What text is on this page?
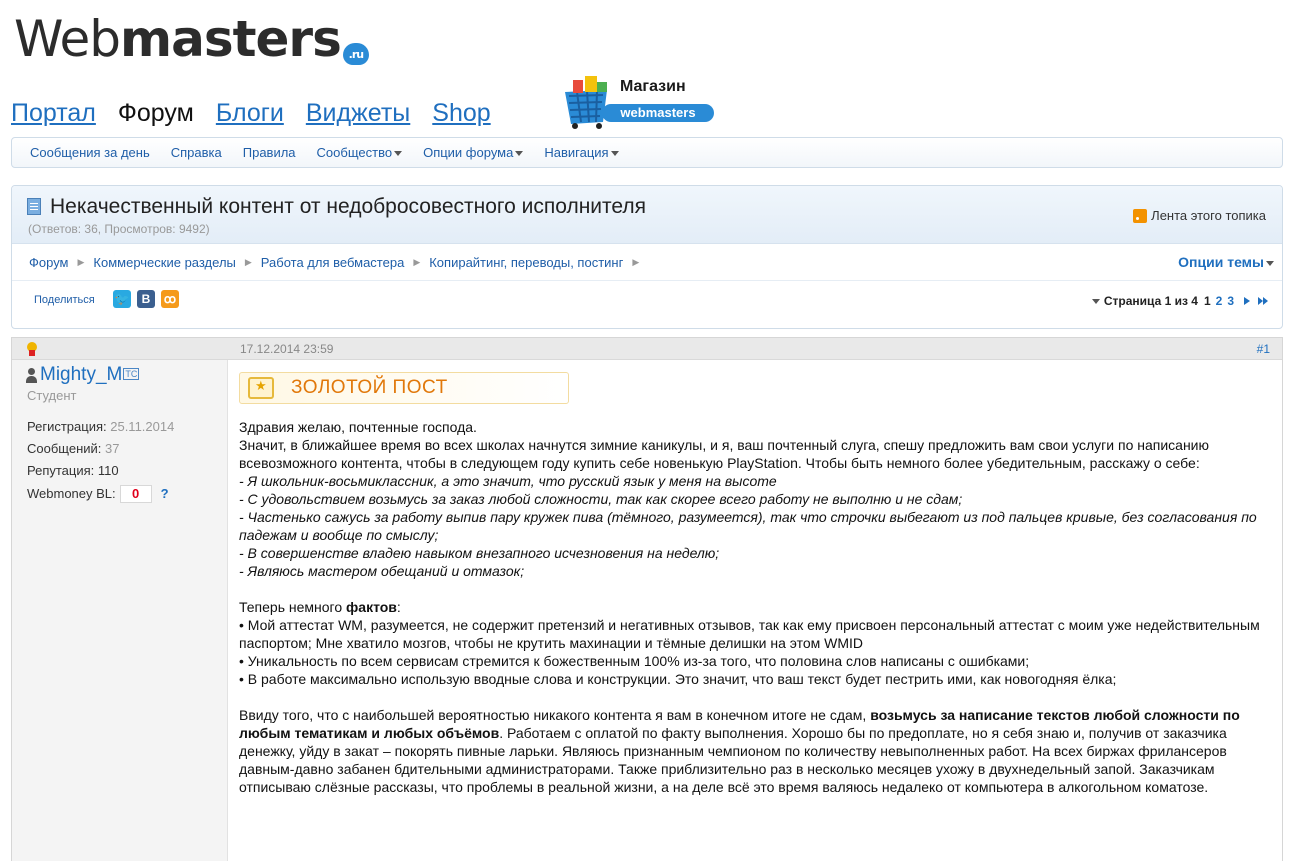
Webmasters .ru
Портал Форум Блоги Виджеты Shop
Магазин
webmasters
Сообщения за день Справка Правила Сообщество	Опции форума	Навигация
Некачественный контент от недобросовестного исполнителя
(Ответов: 36, Просмотров: 9492)
Лента этого топика
Форум ▶ Коммерческие разделы ▶ Работа для вебмастера ▶ Копирайтинг, переводы, постинг ▶	Опции темы
Поделиться 🐦	B	ꝏ	Страница 1 из 4 1 2 3
17.12.2014 23:59	#1
Mighty_M TC
Студент
Регистрация: 25.11.2014
Сообщений: 37
Репутация: 110
Webmoney BL: 0 ?
★
ЗОЛОТОЙ ПОСТ

Здравия желаю, почтенные господа.

Значит, в ближайшее время во всех школах начнутся зимние каникулы, и я, ваш почтенный слуга, спешу предложить вам свои услуги по написанию всевозможного контента, чтобы в следующем году купить себе новенькую PlayStation. Чтобы быть немного более убедительным, расскажу о себе:

- Я школьник-восьмиклассник, а это значит, что русский язык у меня на высоте

- С удовольствием возьмусь за заказ любой сложности, так как скорее всего работу не выполню и не сдам;

- Частенько сажусь за работу выпив пару кружек пива (тёмного, разумеется), так что строчки выбегают из под пальцев кривые, без согласования по падежам и вообще по смыслу;

- В совершенстве владею навыком внезапного исчезновения на неделю;

- Являюсь мастером обещаний и отмазок;

Теперь немного фактов:

• Мой аттестат WM, разумеется, не содержит претензий и негативных отзывов, так как ему присвоен персональный аттестат с моим уже недействительным паспортом; Мне хватило мозгов, чтобы не крутить махинации и тёмные делишки на этом WMID

• Уникальность по всем сервисам стремится к божественным 100% из-за того, что половина слов написаны с ошибками;

• В работе максимально использую вводные слова и конструкции. Это значит, что ваш текст будет пестрить ими, как новогодняя ёлка;

Ввиду того, что с наибольшей вероятностью никакого контента я вам в конечном итоге не сдам, возьмусь за написание текстов любой сложности по любым тематикам и любых объёмов. Работаем с оплатой по факту выполнения. Хорошо бы по предоплате, но я себя знаю и, получив от заказчика денежку, уйду в закат – покорять пивные ларьки. Являюсь признанным чемпионом по количеству невыполненных работ. На всех биржах фрилансеров давным-давно забанен бдительными администраторами. Также приблизительно раз в несколько месяцев ухожу в двухнедельный запой. Заказчикам отписываю слёзные рассказы, что проблемы в реальной жизни, а на деле всё это время валяюсь недалеко от компьютера в алкогольном коматозе.
